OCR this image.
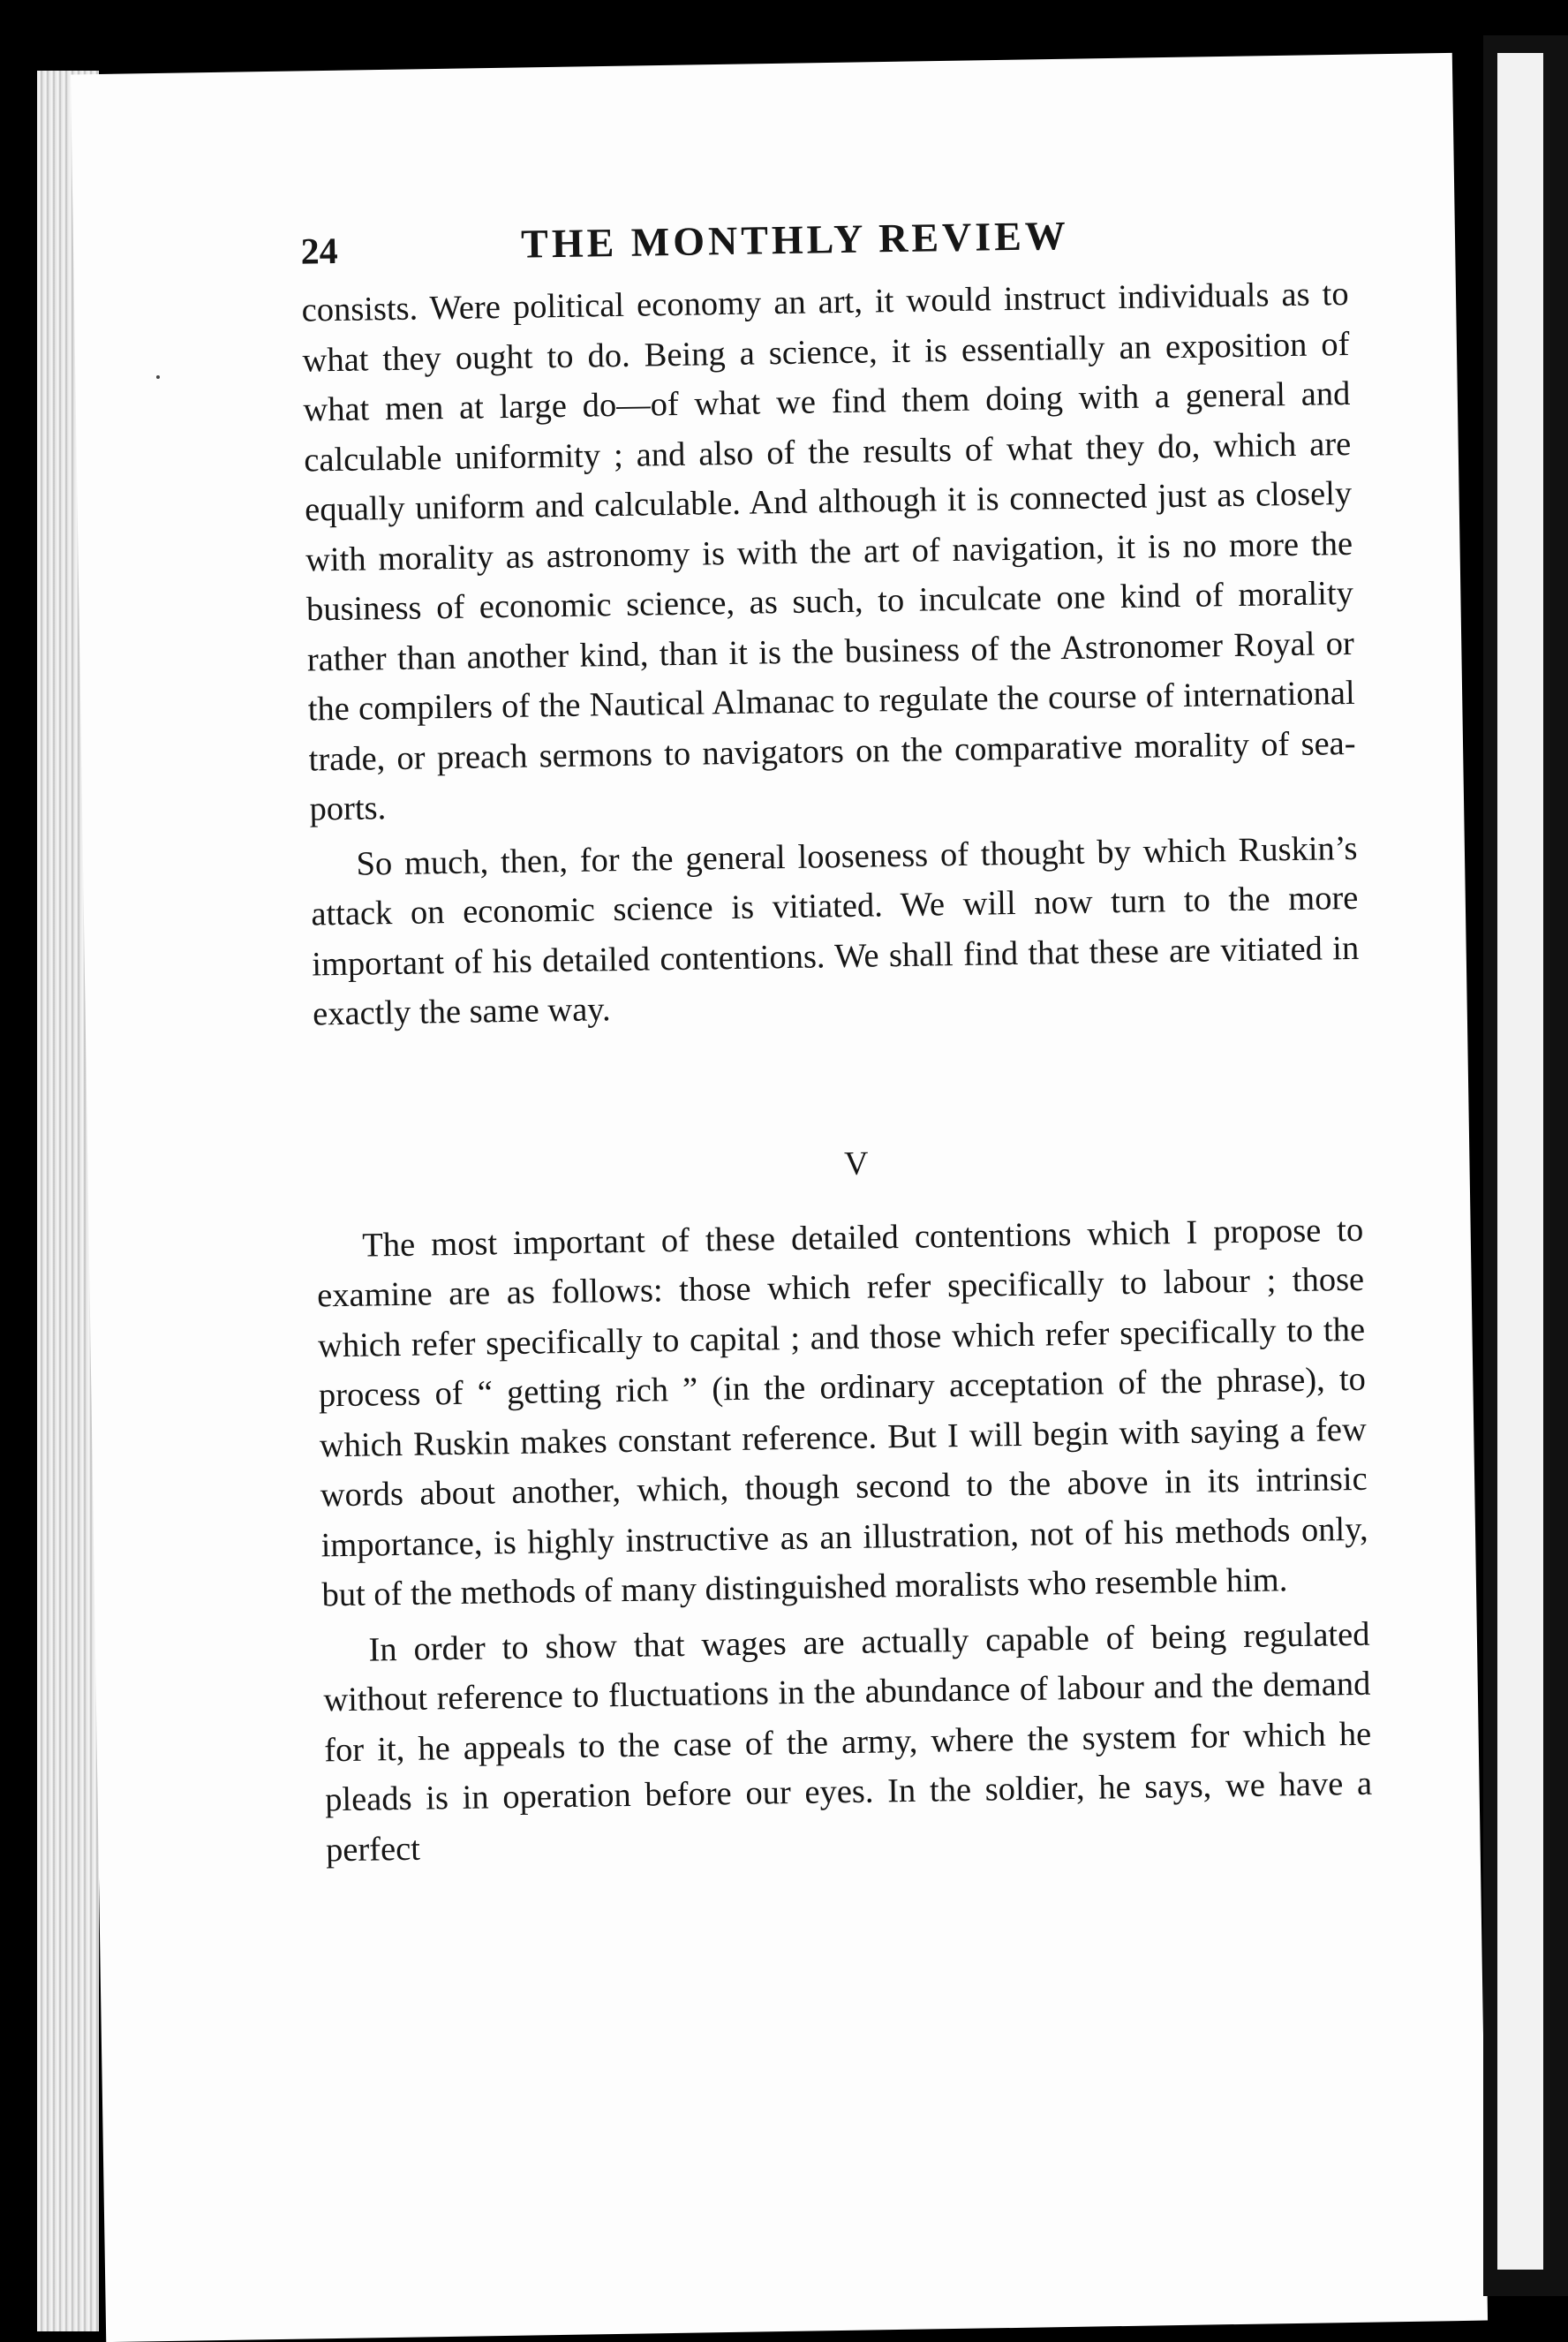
24	THE MONTHLY REVIEW

consists. Were political economy an art, it would instruct individuals as to what they ought to do. Being a science, it is essentially an exposition of what men at large do—of what we find them doing with a general and calculable uniformity ; and also of the results of what they do, which are equally uniform and calculable. And although it is connected just as closely with morality as astronomy is with the art of navigation, it is no more the business of economic science, as such, to inculcate one kind of morality rather than another kind, than it is the business of the Astronomer Royal or the compilers of the Nautical Almanac to regulate the course of international trade, or preach sermons to navigators on the comparative morality of sea-ports.

So much, then, for the general looseness of thought by which Ruskin’s attack on economic science is vitiated. We will now turn to the more important of his detailed contentions. We shall find that these are vitiated in exactly the same way.

V

The most important of these detailed contentions which I propose to examine are as follows: those which refer specifically to labour ; those which refer specifically to capital ; and those which refer specifically to the process of “ getting rich ” (in the ordinary acceptation of the phrase), to which Ruskin makes constant reference. But I will begin with saying a few words about another, which, though second to the above in its intrinsic importance, is highly instructive as an illustration, not of his methods only, but of the methods of many distinguished moralists who resemble him.

In order to show that wages are actually capable of being regulated without reference to fluctuations in the abundance of labour and the demand for it, he appeals to the case of the army, where the system for which he pleads is in operation before our eyes. In the soldier, he says, we have a perfect
